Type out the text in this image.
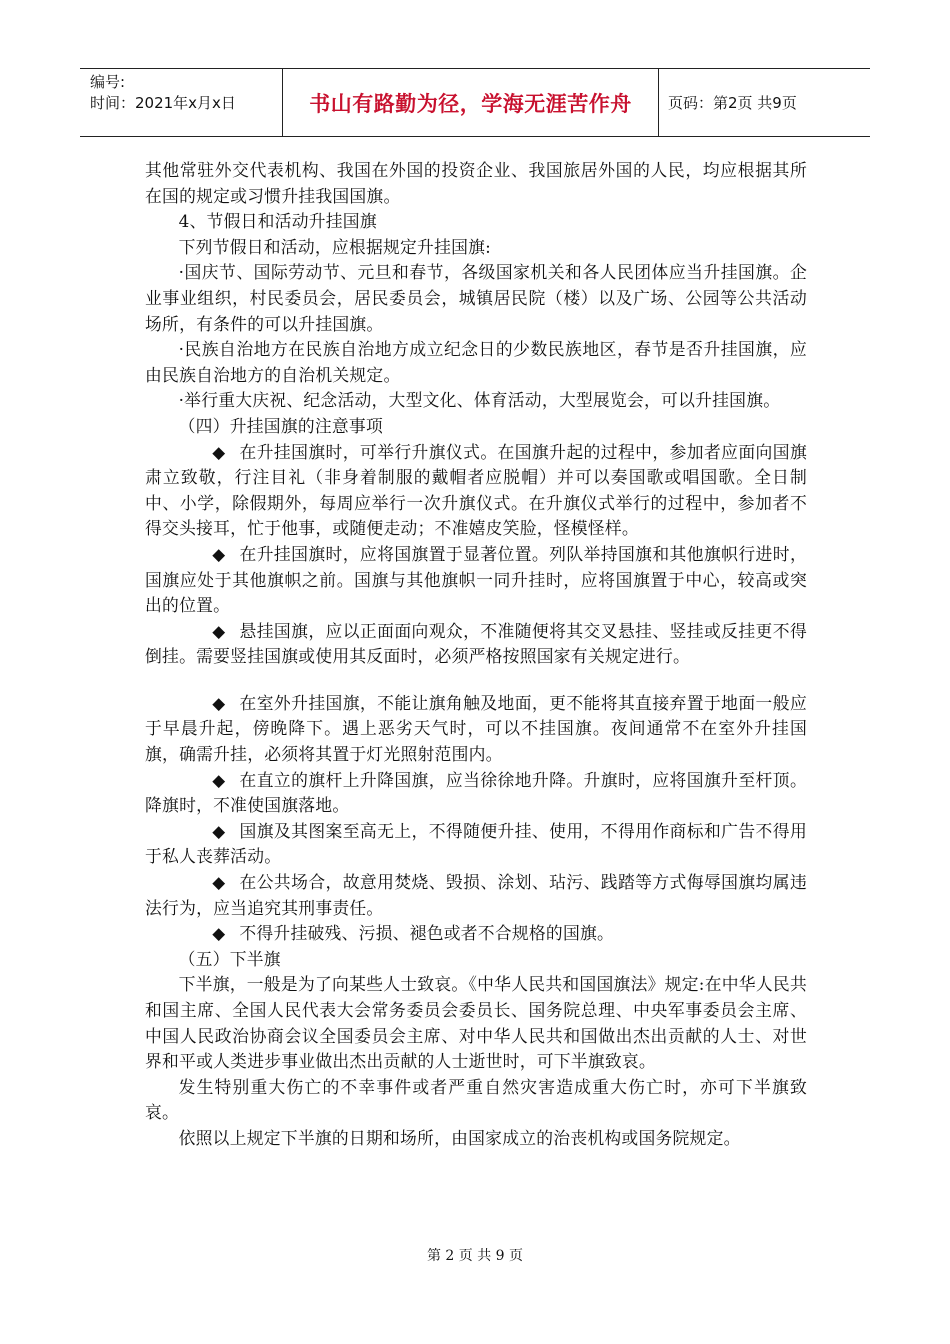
编号:
时间：2021年x月x日	书山有路勤为径，学海无涯苦作舟	页码：第2页 共9页

其他常驻外交代表机构、我国在外国的投资企业、我国旅居外国的人民，均应根据其所在国的规定或习惯升挂我国国旗。

4、节假日和活动升挂国旗

下列节假日和活动，应根据规定升挂国旗:

·国庆节、国际劳动节、元旦和春节，各级国家机关和各人民团体应当升挂国旗。企业事业组织，村民委员会，居民委员会，城镇居民院（楼）以及广场、公园等公共活动场所，有条件的可以升挂国旗。

·民族自治地方在民族自治地方成立纪念日的少数民族地区，春节是否升挂国旗，应由民族自治地方的自治机关规定。

·举行重大庆祝、纪念活动，大型文化、体育活动，大型展览会，可以升挂国旗。

（四）升挂国旗的注意事项

◆ 在升挂国旗时，可举行升旗仪式。在国旗升起的过程中，参加者应面向国旗肃立致敬，行注目礼（非身着制服的戴帽者应脱帽）并可以奏国歌或唱国歌。全日制中、小学，除假期外，每周应举行一次升旗仪式。在升旗仪式举行的过程中，参加者不得交头接耳，忙于他事，或随便走动；不准嬉皮笑脸，怪模怪样。

◆ 在升挂国旗时，应将国旗置于显著位置。列队举持国旗和其他旗帜行进时，国旗应处于其他旗帜之前。国旗与其他旗帜一同升挂时，应将国旗置于中心，较高或突出的位置。

◆ 悬挂国旗，应以正面面向观众，不准随便将其交叉悬挂、竖挂或反挂更不得倒挂。需要竖挂国旗或使用其反面时，必须严格按照国家有关规定进行。

◆ 在室外升挂国旗，不能让旗角触及地面，更不能将其直接弃置于地面一般应于早晨升起，傍晚降下。遇上恶劣天气时，可以不挂国旗。夜间通常不在室外升挂国旗，确需升挂，必须将其置于灯光照射范围内。

◆ 在直立的旗杆上升降国旗，应当徐徐地升降。升旗时，应将国旗升至杆顶。降旗时，不准使国旗落地。

◆ 国旗及其图案至高无上，不得随便升挂、使用，不得用作商标和广告不得用于私人丧葬活动。

◆ 在公共场合，故意用焚烧、毁损、涂划、玷污、践踏等方式侮辱国旗均属违法行为，应当追究其刑事责任。

◆ 不得升挂破残、污损、褪色或者不合规格的国旗。

（五）下半旗

下半旗，一般是为了向某些人士致哀。《中华人民共和国国旗法》规定:在中华人民共和国主席、全国人民代表大会常务委员会委员长、国务院总理、中央军事委员会主席、中国人民政治协商会议全国委员会主席、对中华人民共和国做出杰出贡献的人士、对世界和平或人类进步事业做出杰出贡献的人士逝世时，可下半旗致哀。

发生特别重大伤亡的不幸事件或者严重自然灾害造成重大伤亡时，亦可下半旗致哀。

依照以上规定下半旗的日期和场所，由国家成立的治丧机构或国务院规定。

第 2 页 共 9 页
